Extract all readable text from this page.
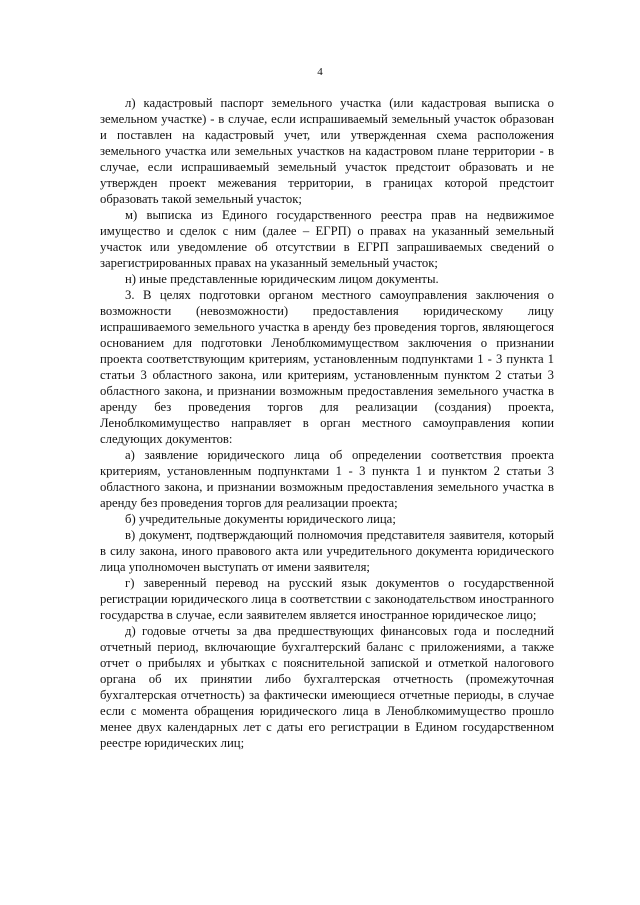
4

л) кадастровый паспорт земельного участка (или кадастровая выписка о земельном участке) - в случае, если испрашиваемый земельный участок образован и поставлен на кадастровый учет, или утвержденная схема расположения земельного участка или земельных участков на кадастровом плане территории - в случае, если испрашиваемый земельный участок предстоит образовать и не утвержден проект межевания территории, в границах которой предстоит образовать такой земельный участок;

м) выписка из Единого государственного реестра прав на недвижимое имущество и сделок с ним (далее – ЕГРП) о правах на указанный земельный участок или уведомление об отсутствии в ЕГРП запрашиваемых сведений о зарегистрированных правах на указанный земельный участок;

н) иные представленные юридическим лицом документы.

3. В целях подготовки органом местного самоуправления заключения о возможности (невозможности) предоставления юридическому лицу испрашиваемого земельного участка в аренду без проведения торгов, являющегося основанием для подготовки Леноблкомимуществом заключения о признании проекта соответствующим критериям, установленным подпунктами 1 - 3 пункта 1 статьи 3 областного закона, или критериям, установленным пунктом 2 статьи 3 областного закона, и признании возможным предоставления земельного участка в аренду без проведения торгов для реализации (создания) проекта, Леноблкомимущество направляет в орган местного самоуправления копии следующих документов:

а) заявление юридического лица об определении соответствия проекта критериям, установленным подпунктами 1 - 3 пункта 1 и пунктом 2 статьи 3 областного закона, и признании возможным предоставления земельного участка в аренду без проведения торгов для реализации проекта;

б) учредительные документы юридического лица;

в) документ, подтверждающий полномочия представителя заявителя, который в силу закона, иного правового акта или учредительного документа юридического лица уполномочен выступать от имени заявителя;

г) заверенный перевод на русский язык документов о государственной регистрации юридического лица в соответствии с законодательством иностранного государства в случае, если заявителем является иностранное юридическое лицо;

д) годовые отчеты за два предшествующих финансовых года и последний отчетный период, включающие бухгалтерский баланс с приложениями, а также отчет о прибылях и убытках с пояснительной запиской и отметкой налогового органа об их принятии либо бухгалтерская отчетность (промежуточная бухгалтерская отчетность) за фактически имеющиеся отчетные периоды, в случае если с момента обращения юридического лица в Леноблкомимущество прошло менее двух календарных лет с даты его регистрации в Едином государственном реестре юридических лиц;
